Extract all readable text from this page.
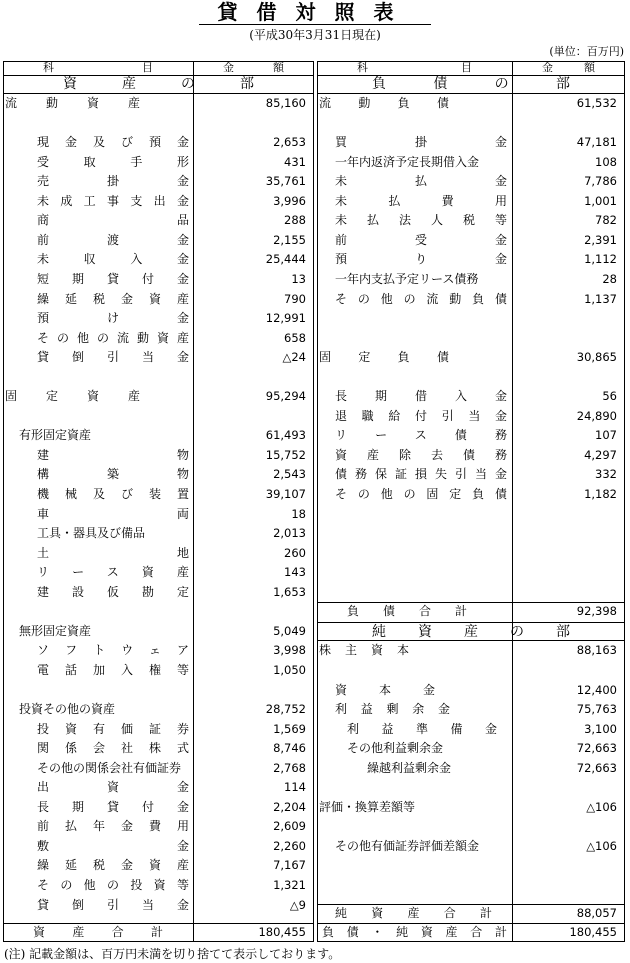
貸借対照表
(平成30年3月31日現在)
(単位：百万円)
科目	金額
資産の部
流動資産	85,160
現金及び預金	2,653
受取手形	431
売掛金	35,761
未成工事支出金	3,996
商品	288
前渡金	2,155
未収入金	25,444
短期貸付金	13
繰延税金資産	790
預け金	12,991
その他の流動資産	658
貸倒引当金	△24
固定資産	95,294
有形固定資産	61,493
建物	15,752
構築物	2,543
機械及び装置	39,107
車両	18
工具・器具及び備品	2,013
土地	260
リース資産	143
建設仮勘定	1,653
無形固定資産	5,049
ソフトウェア	3,998
電話加入権等	1,050
投資その他の資産	28,752
投資有価証券	1,569
関係会社株式	8,746
その他の関係会社有価証券	2,768
出資金	114
長期貸付金	2,204
前払年金費用	2,609
敷金	2,260
繰延税金資産	7,167
その他の投資等	1,321
貸倒引当金	△9
資産合計	180,455
科目	金額
負債の部
流動負債	61,532
買掛金	47,181
一年内返済予定長期借入金	108
未払金	7,786
未払費用	1,001
未払法人税等	782
前受金	2,391
預り金	1,112
一年内支払予定リース債務	28
その他の流動負債	1,137
固定負債	30,865
長期借入金	56
退職給付引当金	24,890
リース債務	107
資産除去債務	4,297
債務保証損失引当金	332
その他の固定負債	1,182
負債合計	92,398
純資産の部
株主資本	88,163
資本金	12,400
利益剰余金	75,763
利益準備金	3,100
その他利益剰余金	72,663
繰越利益剰余金	72,663
評価・換算差額等	△106
その他有価証券評価差額金	△106
純資産合計	88,057
負債・純資産合計	180,455
(注) 記載金額は、百万円未満を切り捨てて表示しております。
